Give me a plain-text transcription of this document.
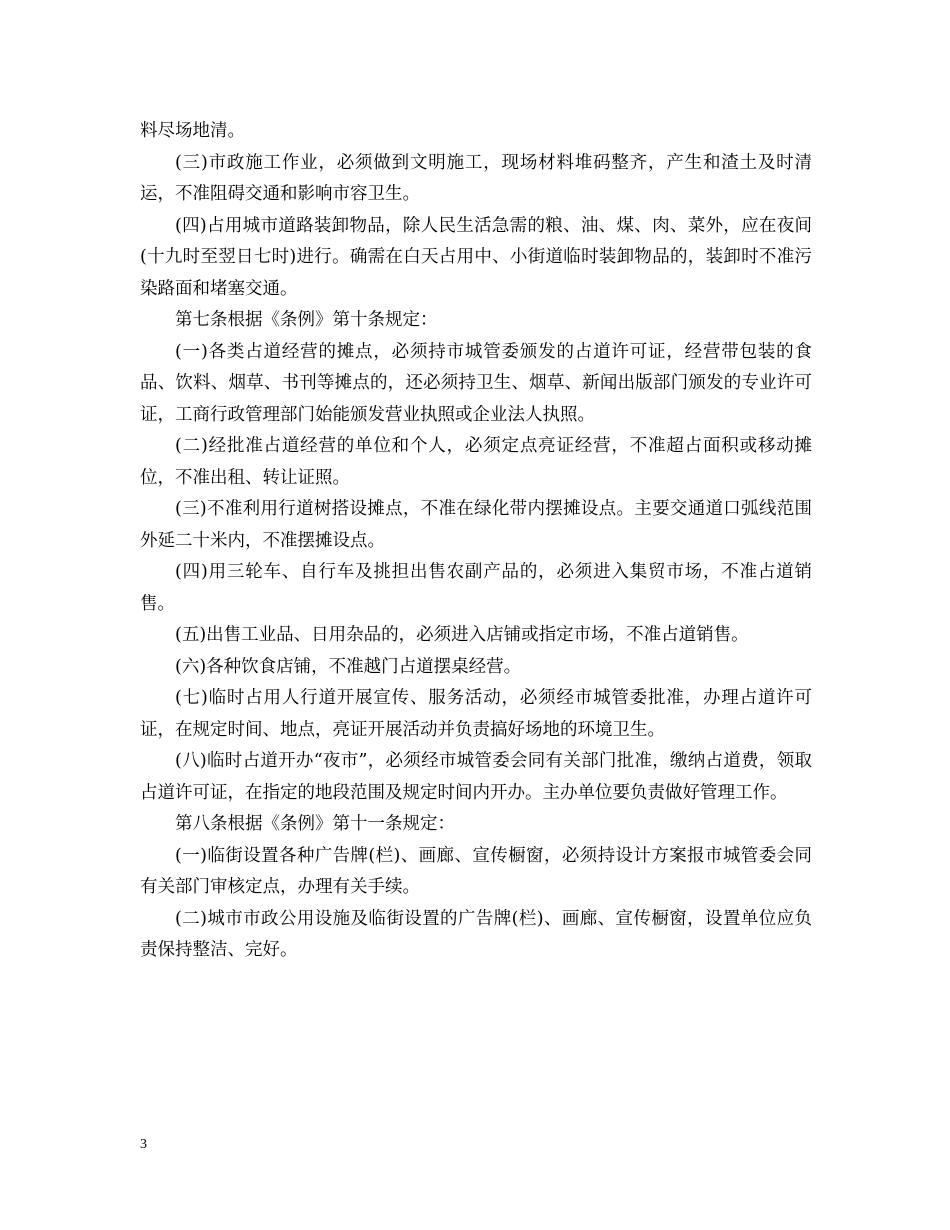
料尽场地清。

(三)市政施工作业，必须做到文明施工，现场材料堆码整齐，产生和渣土及时清运，不准阻碍交通和影响市容卫生。

(四)占用城市道路装卸物品，除人民生活急需的粮、油、煤、肉、菜外，应在夜间(十九时至翌日七时)进行。确需在白天占用中、小街道临时装卸物品的，装卸时不准污染路面和堵塞交通。

第七条根据《条例》第十条规定：

(一)各类占道经营的摊点，必须持市城管委颁发的占道许可证，经营带包装的食品、饮料、烟草、书刊等摊点的，还必须持卫生、烟草、新闻出版部门颁发的专业许可证，工商行政管理部门始能颁发营业执照或企业法人执照。

(二)经批准占道经营的单位和个人，必须定点亮证经营，不准超占面积或移动摊位，不准出租、转让证照。

(三)不准利用行道树搭设摊点，不准在绿化带内摆摊设点。主要交通道口弧线范围外延二十米内，不准摆摊设点。

(四)用三轮车、自行车及挑担出售农副产品的，必须进入集贸市场，不准占道销售。

(五)出售工业品、日用杂品的，必须进入店铺或指定市场，不准占道销售。

(六)各种饮食店铺，不准越门占道摆桌经营。

(七)临时占用人行道开展宣传、服务活动，必须经市城管委批准，办理占道许可证，在规定时间、地点，亮证开展活动并负责搞好场地的环境卫生。

(八)临时占道开办“夜市”，必须经市城管委会同有关部门批准，缴纳占道费，领取占道许可证，在指定的地段范围及规定时间内开办。主办单位要负责做好管理工作。

第八条根据《条例》第十一条规定：

(一)临街设置各种广告牌(栏)、画廊、宣传橱窗，必须持设计方案报市城管委会同有关部门审核定点，办理有关手续。

(二)城市市政公用设施及临街设置的广告牌(栏)、画廊、宣传橱窗，设置单位应负责保持整洁、完好。

3
